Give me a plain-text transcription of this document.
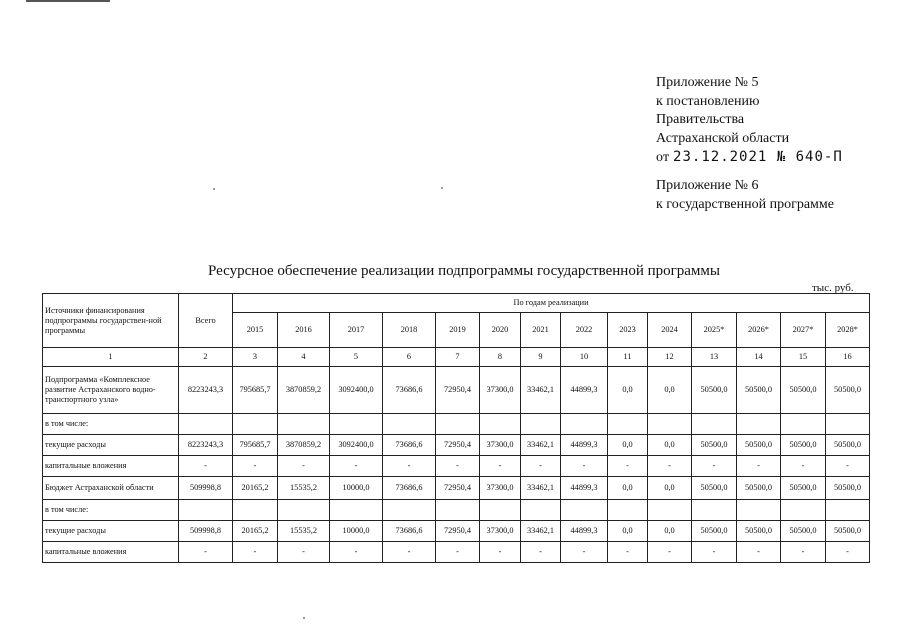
Приложение № 5
к постановлению
Правительства
Астраханской области
от 23.12.2021 № 640-П
Приложение № 6
к государственной программе
Ресурсное обеспечение реализации подпрограммы государственной программы
тыс. руб.
Источники финансирования подпрограммы государствен-ной программы	Всего	По годам реализации													
		2015	2016	2017	2018	2019	2020	2021	2022	2023	2024	2025*	2026*	2027*	2028*
1	2	3	4	5	6	7	8	9	10	11	12	13	14	15	16
Подпрограмма «Комплексное развитие Астраханского водно-транспортного узла»	8223243,3	795685,7	3870859,2	3092400,0	73686,6	72950,4	37300,0	33462,1	44899,3	0,0	0,0	50500,0	50500,0	50500,0	50500,0
в том числе:															
текущие расходы	8223243,3	795685,7	3870859,2	3092400,0	73686,6	72950,4	37300,0	33462,1	44899,3	0,0	0,0	50500,0	50500,0	50500,0	50500,0
капитальные вложения	-	-	-	-	-	-	-	-	-	-	-	-	-	-	-
Бюджет Астраханской области	509998,8	20165,2	15535,2	10000,0	73686,6	72950,4	37300,0	33462,1	44899,3	0,0	0,0	50500,0	50500,0	50500,0	50500,0
в том числе:															
текущие расходы	509998,8	20165,2	15535,2	10000,0	73686,6	72950,4	37300,0	33462,1	44899,3	0,0	0,0	50500,0	50500,0	50500,0	50500,0
капитальные вложения	-	-	-	-	-	-	-	-	-	-	-	-	-	-	-
